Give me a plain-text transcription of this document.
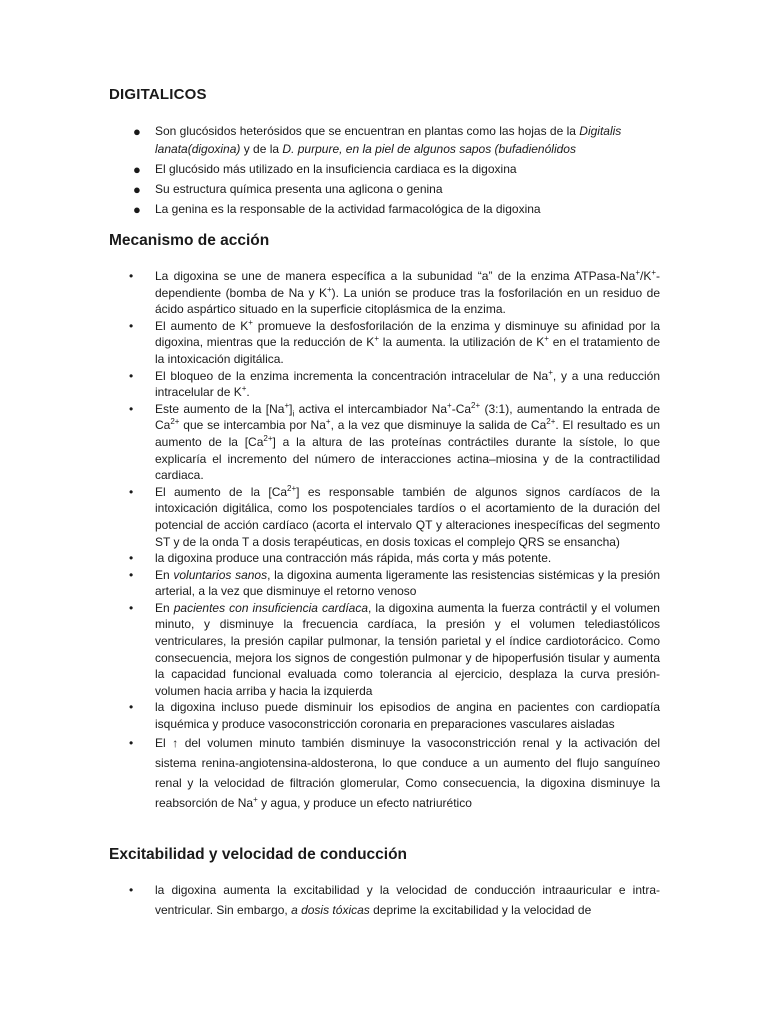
DIGITALICOS
● Son glucósidos heterósidos que se encuentran en plantas como las hojas de la Digitalis lanata(digoxina) y de la D. purpure, en la piel de algunos sapos (bufadienólidos
● El glucósido más utilizado en la insuficiencia cardiaca es la digoxina
● Su estructura química presenta una aglicona o genina
● La genina es la responsable de la actividad farmacológica de la digoxina
Mecanismo de acción
• La digoxina se une de manera específica a la subunidad “a” de la enzima ATPasa-Na+/K+-dependiente (bomba de Na y K+). La unión se produce tras la fosforilación en un residuo de ácido aspártico situado en la superficie citoplásmica de la enzima.
• El aumento de K+ promueve la desfosforilación de la enzima y disminuye su afinidad por la digoxina, mientras que la reducción de K+ la aumenta. la utilización de K+ en el tratamiento de la intoxicación digitálica.
• El bloqueo de la enzima incrementa la concentración intracelular de Na+, y a una reducción intracelular de K+.
• Este aumento de la $[Na^+]_i$ activa el intercambiador $Na^+-Ca^{2+}$ (3:1), aumentando la entrada de $Ca^{2+}$ que se intercambia por Na+, a la vez que disminuye la salida de $Ca^{2+}$. El resultado es un aumento de la $[Ca^{2+}]$ a la altura de las proteínas contráctiles durante la sístole, lo que explicaría el incremento del número de interacciones actina–miosina y de la contractilidad cardiaca.
• El aumento de la $[Ca^{2+}]$ es responsable también de algunos signos cardíacos de la intoxicación digitálica, como los pospotenciales tardíos o el acortamiento de la duración del potencial de acción cardíaco (acorta el intervalo QT y alteraciones inespecíficas del segmento ST y de la onda T a dosis terapéuticas, en dosis toxicas el complejo QRS se ensancha)
• la digoxina produce una contracción más rápida, más corta y más potente.
• En voluntarios sanos, la digoxina aumenta ligeramente las resistencias sistémicas y la presión arterial, a la vez que disminuye el retorno venoso
• En pacientes con insuficiencia cardíaca, la digoxina aumenta la fuerza contráctil y el volumen minuto, y disminuye la frecuencia cardíaca, la presión y el volumen telediastólicos ventriculares, la presión capilar pulmonar, la tensión parietal y el índice cardiotorácico. Como consecuencia, mejora los signos de congestión pulmonar y de hipoperfusión tisular y aumenta la capacidad funcional evaluada como tolerancia al ejercicio, desplaza la curva presión-volumen hacia arriba y hacia la izquierda
• la digoxina incluso puede disminuir los episodios de angina en pacientes con cardiopatía isquémica y produce vasoconstricción coronaria en preparaciones vasculares aisladas
• El ↑ del volumen minuto también disminuye la vasoconstricción renal y la activación del sistema renina-angiotensina-aldosterona, lo que conduce a un aumento del flujo sanguíneo renal y la velocidad de filtración glomerular, Como consecuencia, la digoxina disminuye la reabsorción de Na+ y agua, y produce un efecto natriurético
Excitabilidad y velocidad de conducción
• la digoxina aumenta la excitabilidad y la velocidad de conducción intraauricular e intra-ventricular. Sin embargo, a dosis tóxicas deprime la excitabilidad y la velocidad de
